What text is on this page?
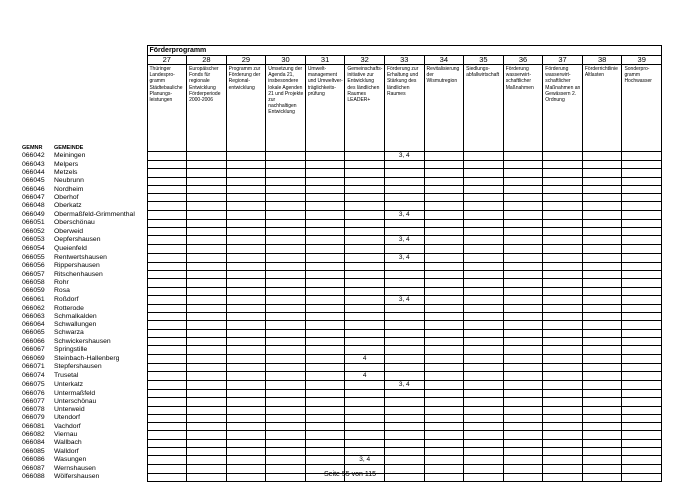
		Förderprogramm												
		27	28	29	30	31	32	33	34	35	36	37	38	39
		Thüringer Landespro-gramm Städtebauliche Planungs-leistungen	Europäischer Fonds für regionale Entwicklung Förderperiode 2000-2006	Programm zur Förderung der Regional-entwicklung	Umsetzung der Agenda 21, insbesondere lokale Agenden 21 und Projekte zur nachhaltigen Entwicklung	Umwelt-management und Umweltver-träglichkeits-prüfung	Gemeinschafts-initiative zur Entwicklung des ländlichen Raumes LEADER+	Förderung zur Erhaltung und Stärkung des ländlichen Raumes	Revitalisierung der Wismutregion	Siedlungs-abfallwirtschaft	Förderung wasserwirt-schaftlicher Maßnahmen	Förderung wasserwirt-schaftlicher Maßnahmen an Gewässern 2. Ordnung	Förderrichtlinie Altlasten	Sonderpro-gramm Hochwasser
GEMNR	GEMEINDE													
066042	Meiningen							3, 4						
066043	Melpers													
066044	Metzels													
066045	Neubrunn													
066046	Nordheim													
066047	Oberhof													
066048	Oberkatz													
066049	Obermaßfeld-Grimmenthal							3, 4						
066051	Oberschönau													
066052	Oberweid													
066053	Oepfershausen							3, 4						
066054	Queienfeld													
066055	Rentwertshausen							3, 4						
066056	Rippershausen													
066057	Ritschenhausen													
066058	Rohr													
066059	Rosa													
066061	Roßdorf							3, 4						
066062	Rotterode													
066063	Schmalkalden													
066064	Schwallungen													
066065	Schwarza													
066066	Schwickershausen													
066067	Springstille													
066069	Steinbach-Hallenberg						4							
066071	Stepfershausen													
066074	Trusetal						4							
066075	Unterkatz							3, 4						
066076	Untermaßfeld													
066077	Unterschönau													
066078	Unterweid													
066079	Utendorf													
066081	Vachdorf													
066082	Viernau													
066084	Wallbach													
066085	Walldorf													
066086	Wasungen						3, 4							
066087	Wernshausen													
066088	Wölfershausen														Seite 55 von 115
